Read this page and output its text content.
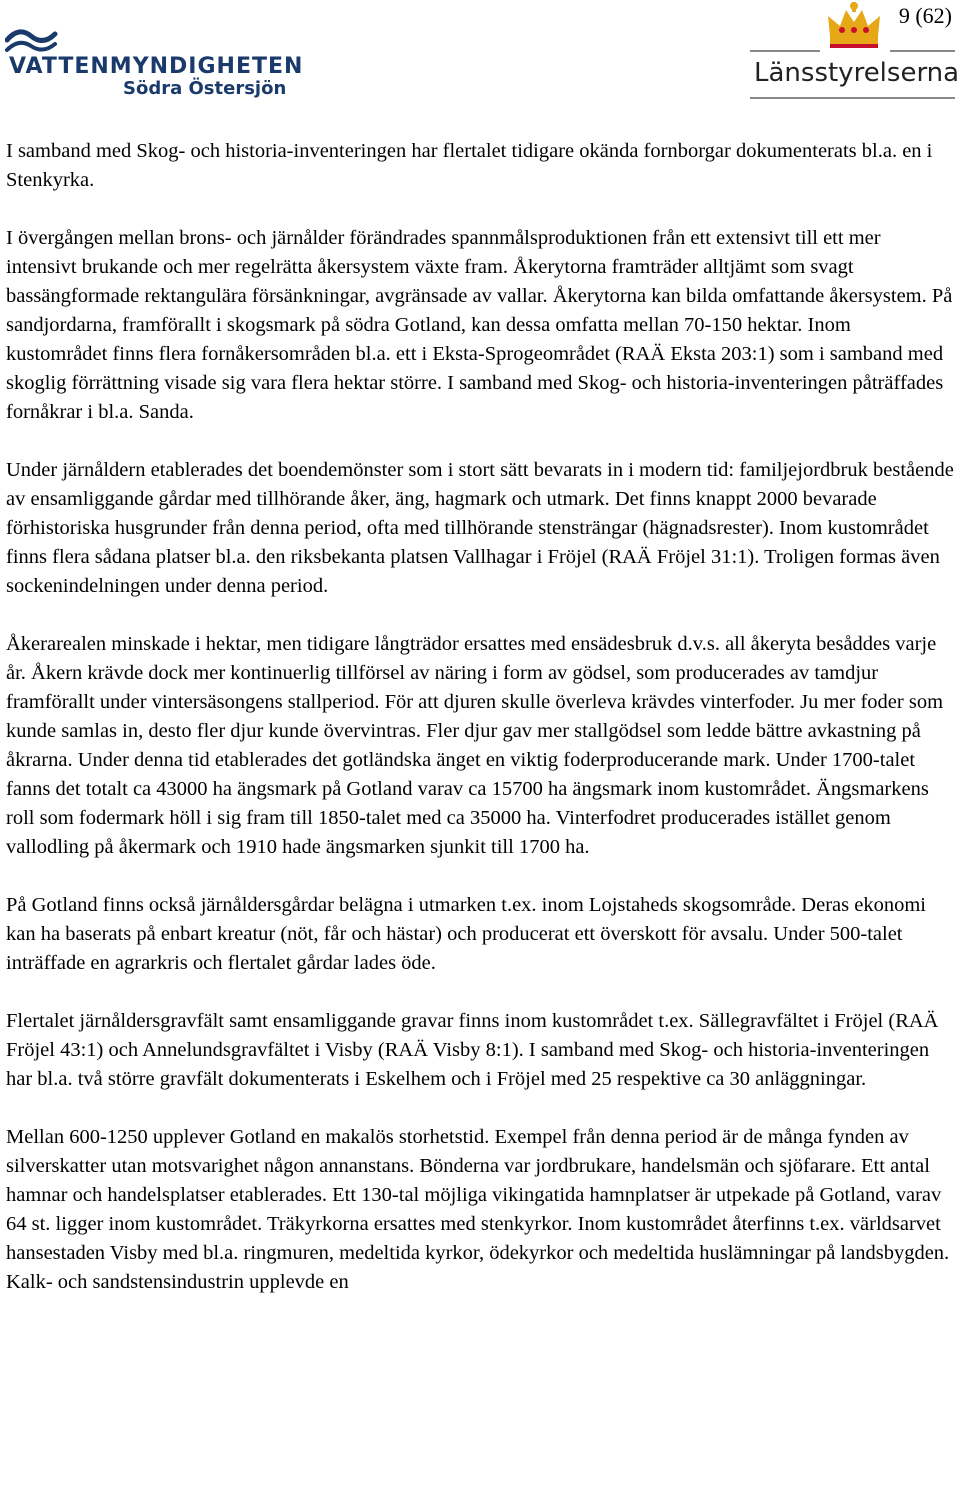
VATTENMYNDIGHETEN
Södra Östersjön
9 (62)
Länsstyrelserna

I samband med Skog- och historia-inventeringen har flertalet tidigare okända fornborgar dokumenterats bl.a. en i Stenkyrka.

I övergången mellan brons- och järnålder förändrades spannmålsproduktionen från ett extensivt till ett mer intensivt brukande och mer regelrätta åkersystem växte fram. Åkerytorna framträder alltjämt som svagt bassängformade rektangulära försänkningar, avgränsade av vallar. Åkerytorna kan bilda omfattande åkersystem. På sandjordarna, framförallt i skogsmark på södra Gotland, kan dessa omfatta mellan 70-150 hektar. Inom kustområdet finns flera fornåkersområden bl.a. ett i Eksta-Sprogeområdet (RAÄ Eksta 203:1) som i samband med skoglig förrättning visade sig vara flera hektar större. I samband med Skog- och historia-inventeringen påträffades fornåkrar i bl.a. Sanda.

Under järnåldern etablerades det boendemönster som i stort sätt bevarats in i modern tid: familjejordbruk bestående av ensamliggande gårdar med tillhörande åker, äng, hagmark och utmark. Det finns knappt 2000 bevarade förhistoriska husgrunder från denna period, ofta med tillhörande stensträngar (hägnadsrester). Inom kustområdet finns flera sådana platser bl.a. den riksbekanta platsen Vallhagar i Fröjel (RAÄ Fröjel 31:1). Troligen formas även sockenindelningen under denna period.

Åkerarealen minskade i hektar, men tidigare långträdor ersattes med ensädesbruk d.v.s. all åkeryta besåddes varje år. Åkern krävde dock mer kontinuerlig tillförsel av näring i form av gödsel, som producerades av tamdjur framförallt under vintersäsongens stallperiod. För att djuren skulle överleva krävdes vinterfoder. Ju mer foder som kunde samlas in, desto fler djur kunde övervintras. Fler djur gav mer stallgödsel som ledde bättre avkastning på åkrarna. Under denna tid etablerades det gotländska änget en viktig foderproducerande mark. Under 1700-talet fanns det totalt ca 43000 ha ängsmark på Gotland varav ca 15700 ha ängsmark inom kustområdet. Ängsmarkens roll som fodermark höll i sig fram till 1850-talet med ca 35000 ha. Vinterfodret producerades istället genom vallodling på åkermark och 1910 hade ängsmarken sjunkit till 1700 ha.

På Gotland finns också järnåldersgårdar belägna i utmarken t.ex. inom Lojstaheds skogsområde. Deras ekonomi kan ha baserats på enbart kreatur (nöt, får och hästar) och producerat ett överskott för avsalu. Under 500-talet inträffade en agrarkris och flertalet gårdar lades öde.

Flertalet järnåldersgravfält samt ensamliggande gravar finns inom kustområdet t.ex. Sällegravfältet i Fröjel (RAÄ Fröjel 43:1) och Annelundsgravfältet i Visby (RAÄ Visby 8:1). I samband med Skog- och historia-inventeringen har bl.a. två större gravfält dokumenterats i Eskelhem och i Fröjel med 25 respektive ca 30 anläggningar.

Mellan 600-1250 upplever Gotland en makalös storhetstid. Exempel från denna period är de många fynden av silverskatter utan motsvarighet någon annanstans. Bönderna var jordbrukare, handelsmän och sjöfarare. Ett antal hamnar och handelsplatser etablerades. Ett 130-tal möjliga vikingatida hamnplatser är utpekade på Gotland, varav 64 st. ligger inom kustområdet. Träkyrkorna ersattes med stenkyrkor. Inom kustområdet återfinns t.ex. världsarvet hansestaden Visby med bl.a. ringmuren, medeltida kyrkor, ödekyrkor och medeltida huslämningar på landsbygden. Kalk- och sandstensindustrin upplevde en
